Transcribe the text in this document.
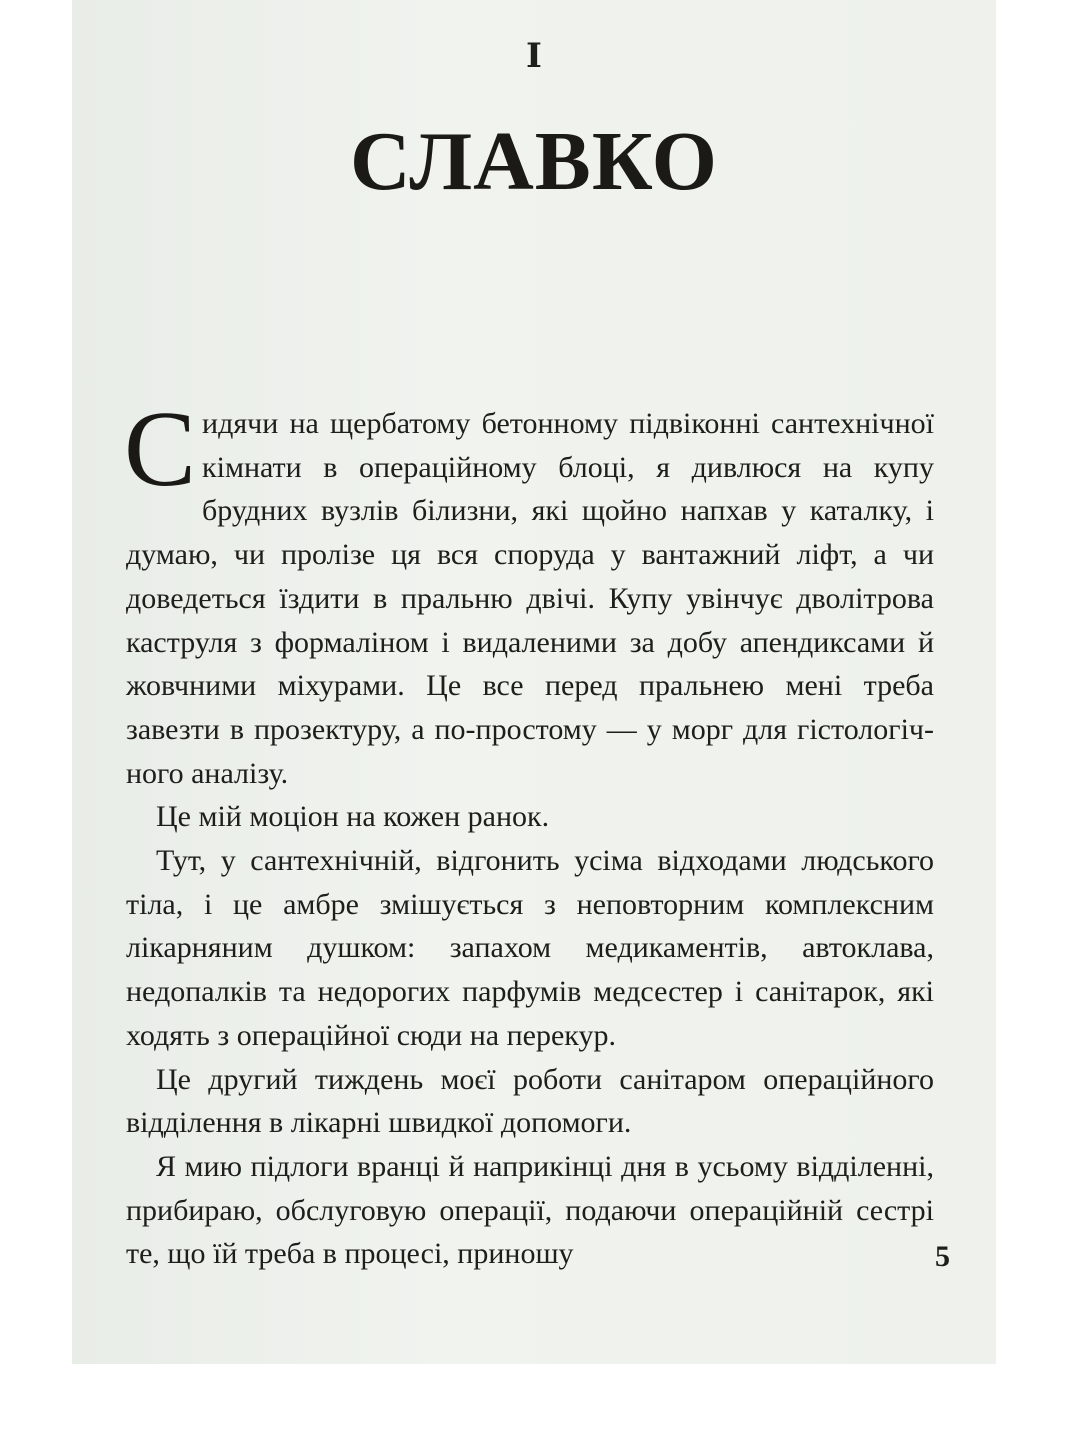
I
СЛАВКО

Сидячи на щербатому бетонному підвіконні сантехнічної кімнати в операційному блоці, я дивлюся на купу брудних вузлів білизни, які щойно напхав у каталку, і думаю, чи пролізе ця вся споруда у вантажний ліфт, а чи доведеться їздити в пральню двічі. Купу увінчує дволітрова каструля з формаліном і видаленими за добу апендиксами й жовчними міхурами. Це все перед пральнею мені треба завезти в прозектуру, а по-простому — у морг для гістологічного аналізу.

Це мій моціон на кожен ранок.

Тут, у сантехнічній, відгонить усіма відходами людського тіла, і це амбре змішується з неповторним комплексним лікарняним душком: запахом медикаментів, автоклава, недопалків та недорогих парфумів медсестер і санітарок, які ходять з операційної сюди на перекур.

Це другий тиждень моєї роботи санітаром операційного відділення в лікарні швидкої допомоги.

Я мию підлоги вранці й наприкінці дня в усьому відділенні, прибираю, обслуговую операції, подаючи операційній сестрі те, що їй треба в процесі, приношу	5
